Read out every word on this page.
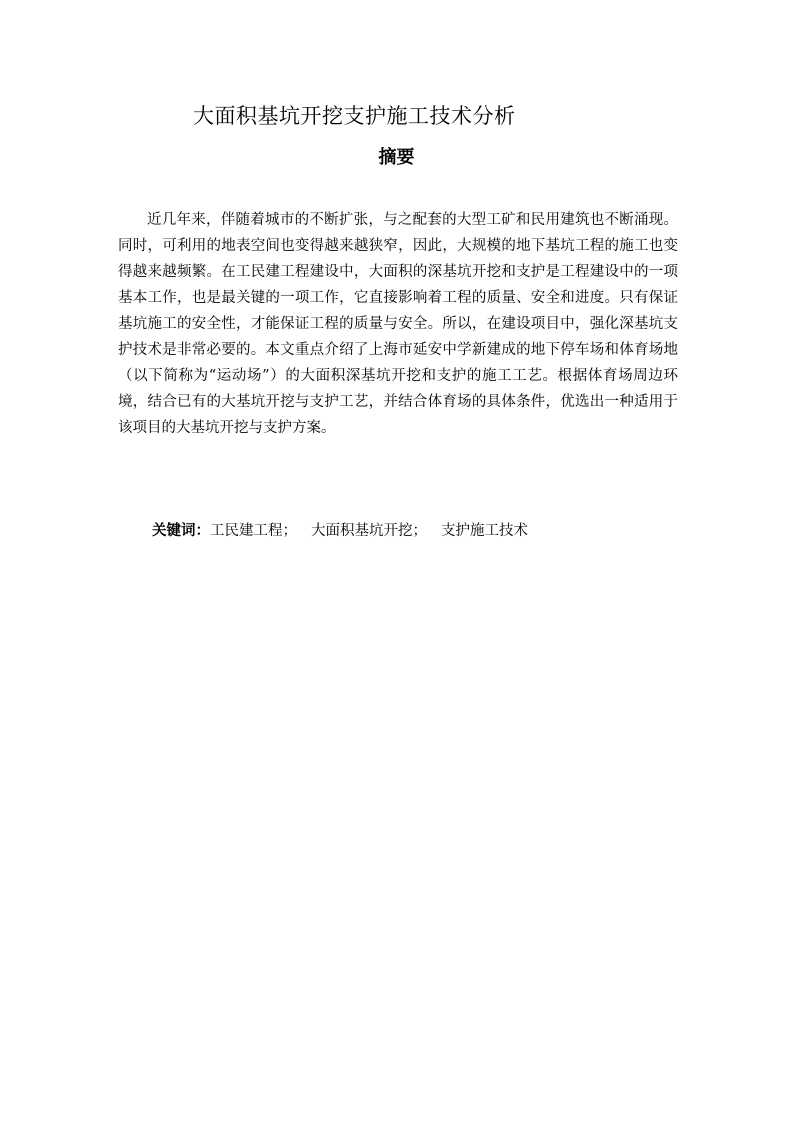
大面积基坑开挖支护施工技术分析
摘要

近几年来，伴随着城市的不断扩张，与之配套的大型工矿和民用建筑也不断涌现。同时，可利用的地表空间也变得越来越狭窄，因此，大规模的地下基坑工程的施工也变得越来越频繁。在工民建工程建设中，大面积的深基坑开挖和支护是工程建设中的一项基本工作，也是最关键的一项工作，它直接影响着工程的质量、安全和进度。只有保证基坑施工的安全性，才能保证工程的质量与安全。所以，在建设项目中，强化深基坑支护技术是非常必要的。本文重点介绍了上海市延安中学新建成的地下停车场和体育场地（以下简称为“运动场”）的大面积深基坑开挖和支护的施工工艺。根据体育场周边环境，结合已有的大基坑开挖与支护工艺，并结合体育场的具体条件，优选出一种适用于该项目的大基坑开挖与支护方案。

关键词：工民建工程； 大面积基坑开挖； 支护施工技术
